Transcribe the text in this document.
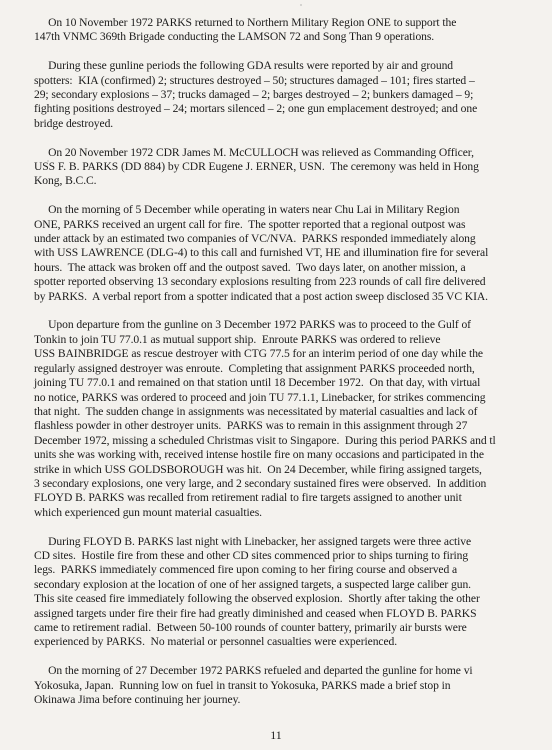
On 10 November 1972 PARKS returned to Northern Military Region ONE to support the
147th VNMC 369th Brigade conducting the LAMSON 72 and Song Than 9 operations.

During these gunline periods the following GDA results were reported by air and ground
spotters:  KIA (confirmed) 2; structures destroyed – 50; structures damaged – 101; fires started –
29; secondary explosions – 37; trucks damaged – 2; barges destroyed – 2; bunkers damaged – 9;
fighting positions destroyed – 24; mortars silenced – 2; one gun emplacement destroyed; and one
bridge destroyed.

On 20 November 1972 CDR James M. McCULLOCH was relieved as Commanding Officer,
USS F. B. PARKS (DD 884) by CDR Eugene J. ERNER, USN.  The ceremony was held in Hong
Kong, B.C.C.

On the morning of 5 December while operating in waters near Chu Lai in Military Region
ONE, PARKS received an urgent call for fire.  The spotter reported that a regional outpost was
under attack by an estimated two companies of VC/NVA.  PARKS responded immediately along
with USS LAWRENCE (DLG-4) to this call and furnished VT, HE and illumination fire for several
hours.  The attack was broken off and the outpost saved.  Two days later, on another mission, a
spotter reported observing 13 secondary explosions resulting from 223 rounds of call fire delivered
by PARKS.  A verbal report from a spotter indicated that a post action sweep disclosed 35 VC KIA.

Upon departure from the gunline on 3 December 1972 PARKS was to proceed to the Gulf of
Tonkin to join TU 77.0.1 as mutual support ship.  Enroute PARKS was ordered to relieve
USS BAINBRIDGE as rescue destroyer with CTG 77.5 for an interim period of one day while the
regularly assigned destroyer was enroute.  Completing that assignment PARKS proceeded north,
joining TU 77.0.1 and remained on that station until 18 December 1972.  On that day, with virtual
no notice, PARKS was ordered to proceed and join TU 77.1.1, Linebacker, for strikes commencing
that night.  The sudden change in assignments was necessitated by material casualties and lack of
flashless powder in other destroyer units.  PARKS was to remain in this assignment through 27
December 1972, missing a scheduled Christmas visit to Singapore.  During this period PARKS and tl
units she was working with, received intense hostile fire on many occasions and participated in the
strike in which USS GOLDSBOROUGH was hit.  On 24 December, while firing assigned targets,
3 secondary explosions, one very large, and 2 secondary sustained fires were observed.  In addition
FLOYD B. PARKS was recalled from retirement radial to fire targets assigned to another unit
which experienced gun mount material casualties.

During FLOYD B. PARKS last night with Linebacker, her assigned targets were three active
CD sites.  Hostile fire from these and other CD sites commenced prior to ships turning to firing
legs.  PARKS immediately commenced fire upon coming to her firing course and observed a
secondary explosion at the location of one of her assigned targets, a suspected large caliber gun.
This site ceased fire immediately following the observed explosion.  Shortly after taking the other
assigned targets under fire their fire had greatly diminished and ceased when FLOYD B. PARKS
came to retirement radial.  Between 50-100 rounds of counter battery, primarily air bursts were
experienced by PARKS.  No material or personnel casualties were experienced.

On the morning of 27 December 1972 PARKS refueled and departed the gunline for home vi
Yokosuka, Japan.  Running low on fuel in transit to Yokosuka, PARKS made a brief stop in
Okinawa Jima before continuing her journey.

11
